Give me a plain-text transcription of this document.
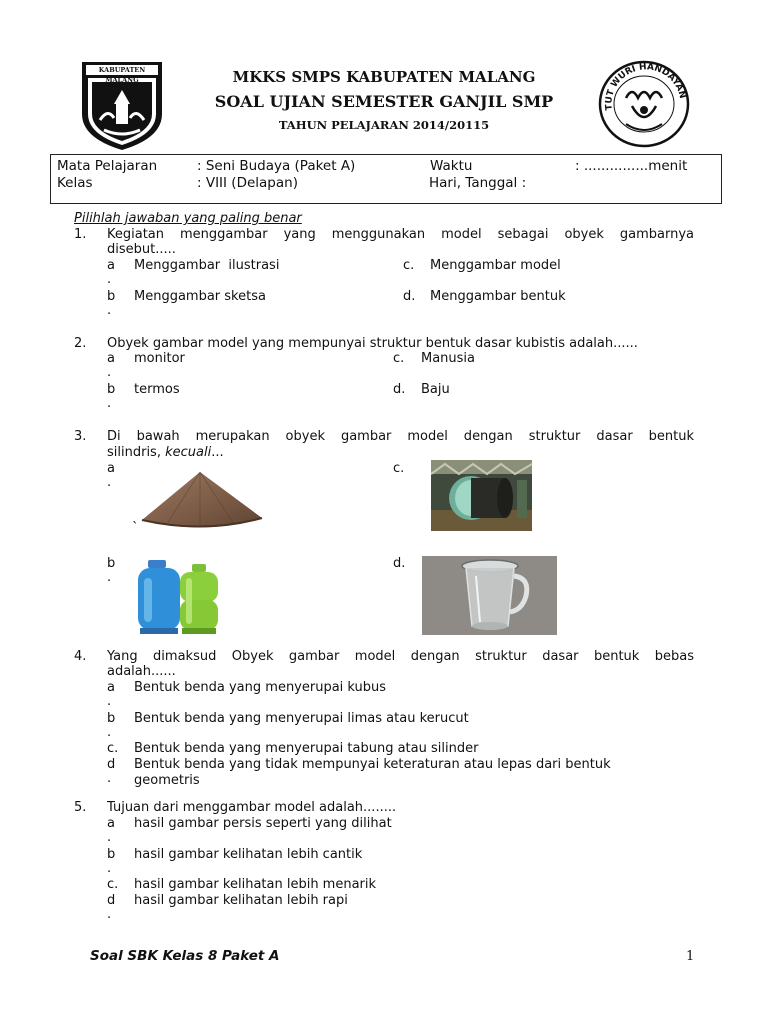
KABUPATEN MALANG	MKKS SMPS KABUPATEN MALANG
SOAL UJIAN SEMESTER GANJIL SMP
TAHUN PELAJARAN 2014/20115
TUT WURI HANDAYAN
Mata Pelajaran	: Seni Budaya (Paket A)	Waktu	: ...............menit
Kelas	: VIII (Delapan)	Hari, Tanggal :
Pilihlah jawaban yang paling benar
1. Kegiatan menggambar yang menggunakan model sebagai obyek gambarnya
disebut.....
a
.
Menggambar  ilustrasi
b
.
Menggambar sketsa
c. Menggambar model
d. Menggambar bentuk
2. Obyek gambar model yang mempunyai struktur bentuk dasar kubistis adalah......
a
.
monitor
b
.
termos
c. Manusia
d. Baju
3. Di bawah merupakan obyek gambar model dengan struktur dasar bentuk
silindris, kecuali...
a
.
`
c.
b
.
d.
4. Yang dimaksud Obyek gambar model dengan struktur dasar bentuk bebas
adalah......
a
.
Bentuk benda yang menyerupai kubus
b
.
Bentuk benda yang menyerupai limas atau kerucut
c. Bentuk benda yang menyerupai tabung atau silinder
d
.
Bentuk benda yang tidak mempunyai keteraturan atau lepas dari bentuk
geometris
5. Tujuan dari menggambar model adalah........
a
.
hasil gambar persis seperti yang dilihat
b
.
hasil gambar kelihatan lebih cantik
c. hasil gambar kelihatan lebih menarik
d
.
hasil gambar kelihatan lebih rapi
Soal SBK Kelas 8 Paket A	1
